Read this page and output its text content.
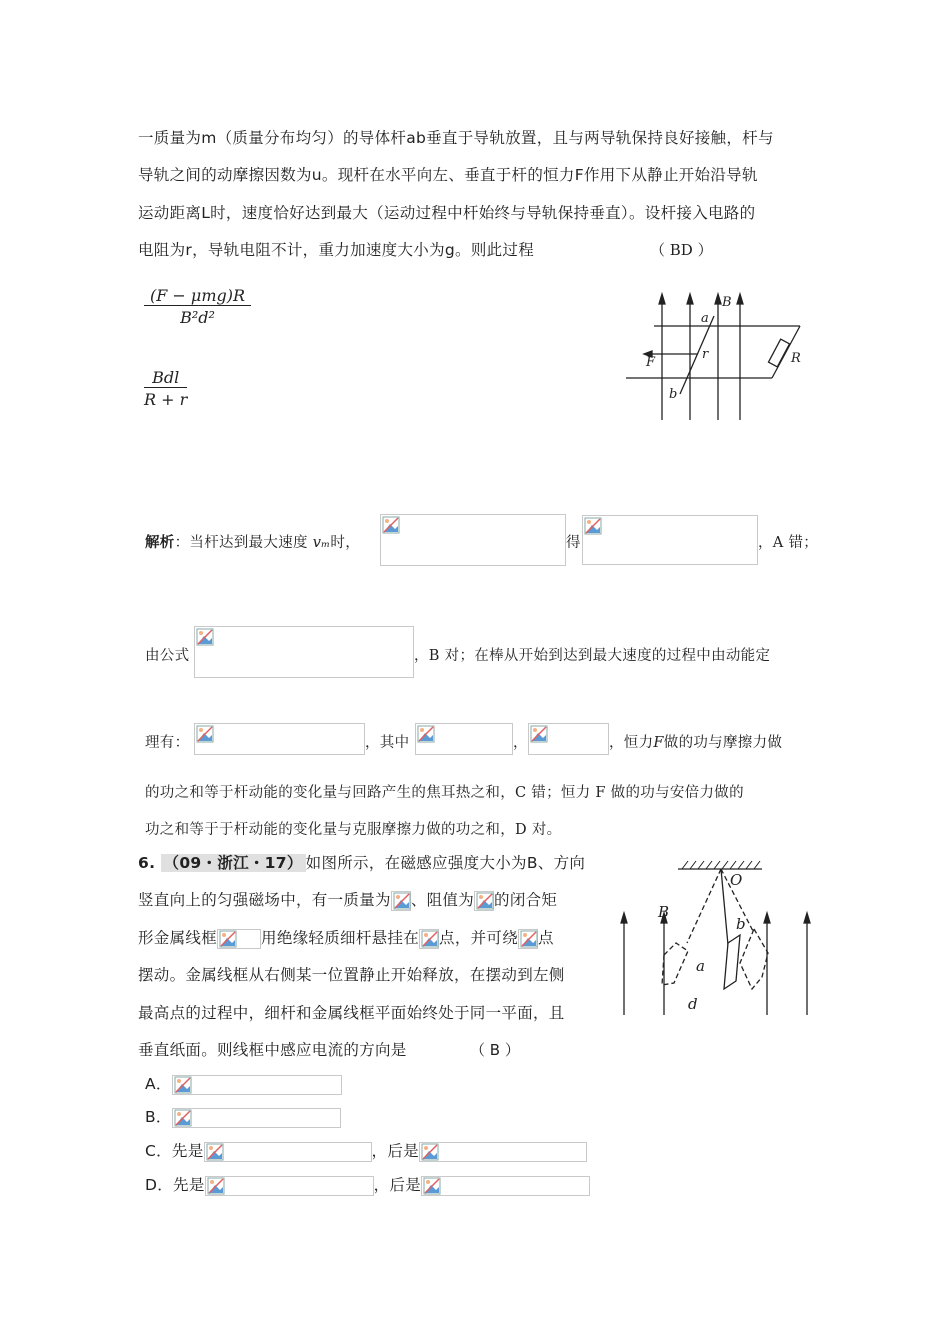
一质量为m（质量分布均匀）的导体杆ab垂直于导轨放置，且与两导轨保持良好接触，杆与
导轨之间的动摩擦因数为u。现杆在水平向左、垂直于杆的恒力F作用下从静止开始沿导轨
运动距离L时，速度恰好达到最大（运动过程中杆始终与导轨保持垂直）。设杆接入电路的
电阻为r，导轨电阻不计，重力加速度大小为g。则此过程	（ BD ）
(F − μmg)R
B²d²
Bdl
R + r
B
a
F
r	R
b
解析：当杆达到最大速度 vₘ时，	得	，A 错；
由公式	，B 对；在棒从开始到达到最大速度的过程中由动能定
理有：	，其中	，	，恒力F做的功与摩擦力做
的功之和等于杆动能的变化量与回路产生的焦耳热之和，C 错；恒力 F 做的功与安倍力做的
功之和等于于杆动能的变化量与克服摩擦力做的功之和，D 对。
6. （09・浙江・17） 如图所示，在磁感应强度大小为B、方向
竖直向上的匀强磁场中，有一质量为 、阻值为 的闭合矩
形金属线框	用绝缘轻质细杆悬挂在 点，并可绕 点
摆动。金属线框从右侧某一位置静止开始释放，在摆动到左侧
最高点的过程中，细杆和金属线框平面始终处于同一平面，且
垂直纸面。则线框中感应电流的方向是	（ B ）
A．
B．
C．先是	，后是
D．先是	，后是
O
B
a
b
d
